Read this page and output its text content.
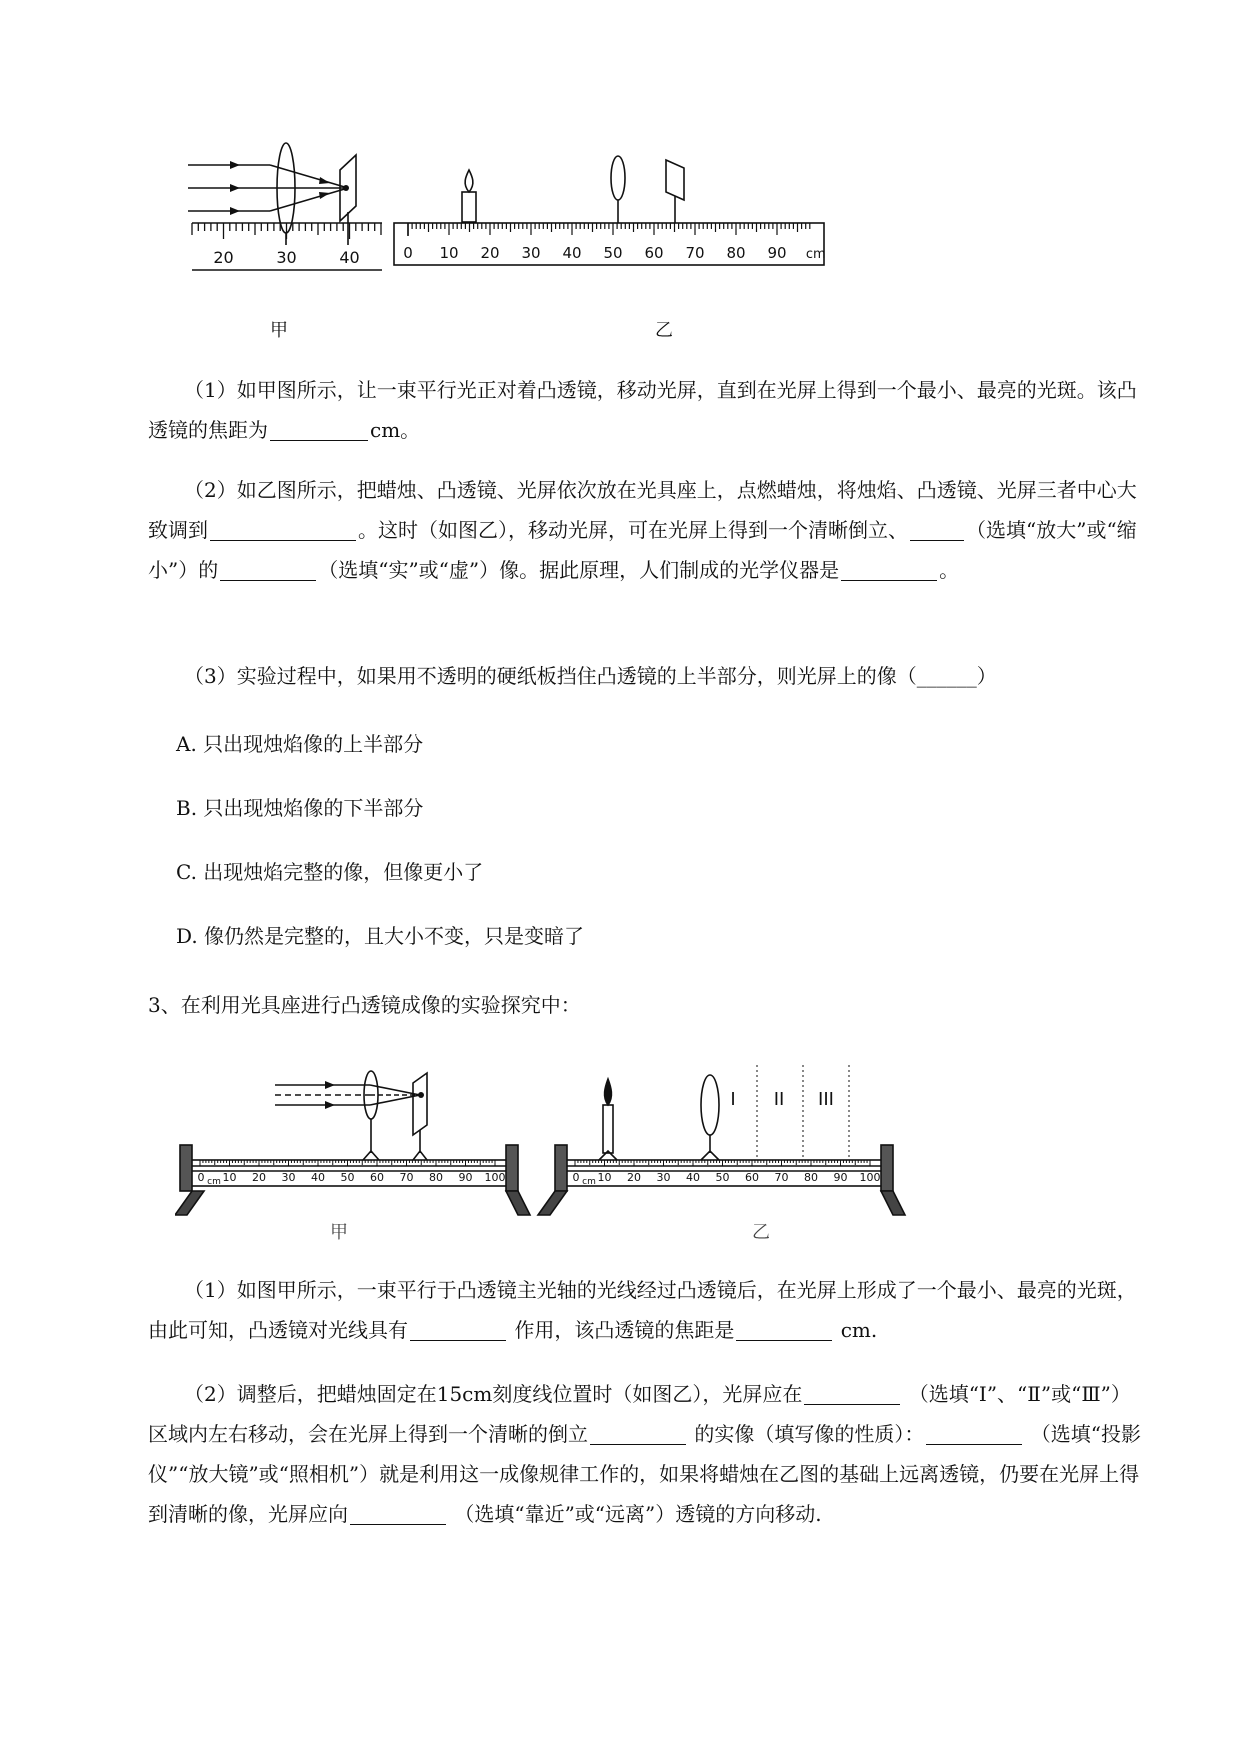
20	30	40	0 10 20 30 40 50 60 70 80 90 cm
甲	乙
（1）如甲图所示，让一束平行光正对着凸透镜，移动光屏，直到在光屏上得到一个最小、最亮的光斑。该凸透镜的焦距为	cm。
（2）如乙图所示，把蜡烛、凸透镜、光屏依次放在光具座上，点燃蜡烛，将烛焰、凸透镜、光屏三者中心大致调到	。这时（如图乙），移动光屏，可在光屏上得到一个清晰倒立、	（选填“放大”或“缩小”）的	（选填“实”或“虚”）像。据此原理，人们制成的光学仪器是	。
（3）实验过程中，如果用不透明的硬纸板挡住凸透镜的上半部分，则光屏上的像（______）
A. 只出现烛焰像的上半部分
B. 只出现烛焰像的下半部分
C. 出现烛焰完整的像，但像更小了
D. 像仍然是完整的，且大小不变，只是变暗了
3、在利用光具座进行凸透镜成像的实验探究中：
10 20 30 40 50 60 70 80 90 100
0 cm	10 20 30 40 50 60 70 80 90 100
0 cm
I II III
甲	乙
（1）如图甲所示，一束平行于凸透镜主光轴的光线经过凸透镜后，在光屏上形成了一个最小、最亮的光斑，由此可知，凸透镜对光线具有	作用，该凸透镜的焦距是	cm.
（2）调整后，把蜡烛固定在15cm刻度线位置时（如图乙），光屏应在	（选填“Ⅰ”、“Ⅱ”或“Ⅲ”）区域内左右移动，会在光屏上得到一个清晰的倒立	的实像（填写像的性质）：	（选填“投影仪”“放大镜”或“照相机”）就是利用这一成像规律工作的，如果将蜡烛在乙图的基础上远离透镜，仍要在光屏上得到清晰的像，光屏应向	（选填“靠近”或“远离”）透镜的方向移动.
